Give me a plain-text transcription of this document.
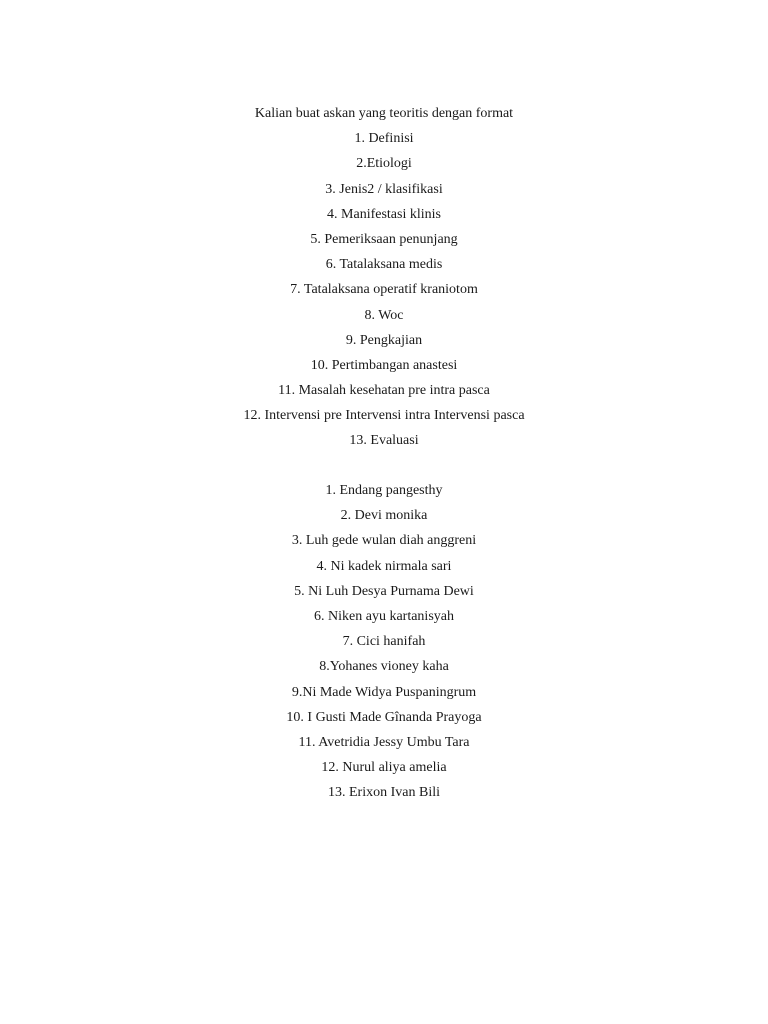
Kalian buat askan yang teoritis dengan format
1. Definisi
2.Etiologi
3. Jenis2 / klasifikasi
4. Manifestasi klinis
5. Pemeriksaan penunjang
6. Tatalaksana medis
7. Tatalaksana operatif kraniotom
8. Woc
9. Pengkajian
10. Pertimbangan anastesi
11. Masalah kesehatan pre intra pasca
12. Intervensi pre Intervensi intra Intervensi pasca
13. Evaluasi
1. Endang pangesthy
2. Devi monika
3. Luh gede wulan diah anggreni
4. Ni kadek nirmala sari
5. Ni Luh Desya Purnama Dewi
6. Niken ayu kartanisyah
7. Cici hanifah
8.Yohanes vioney kaha
9.Ni Made Widya Puspaningrum
10. I Gusti Made Gînanda Prayoga
11. Avetridia Jessy Umbu Tara
12. Nurul aliya amelia
13. Erixon Ivan Bili
